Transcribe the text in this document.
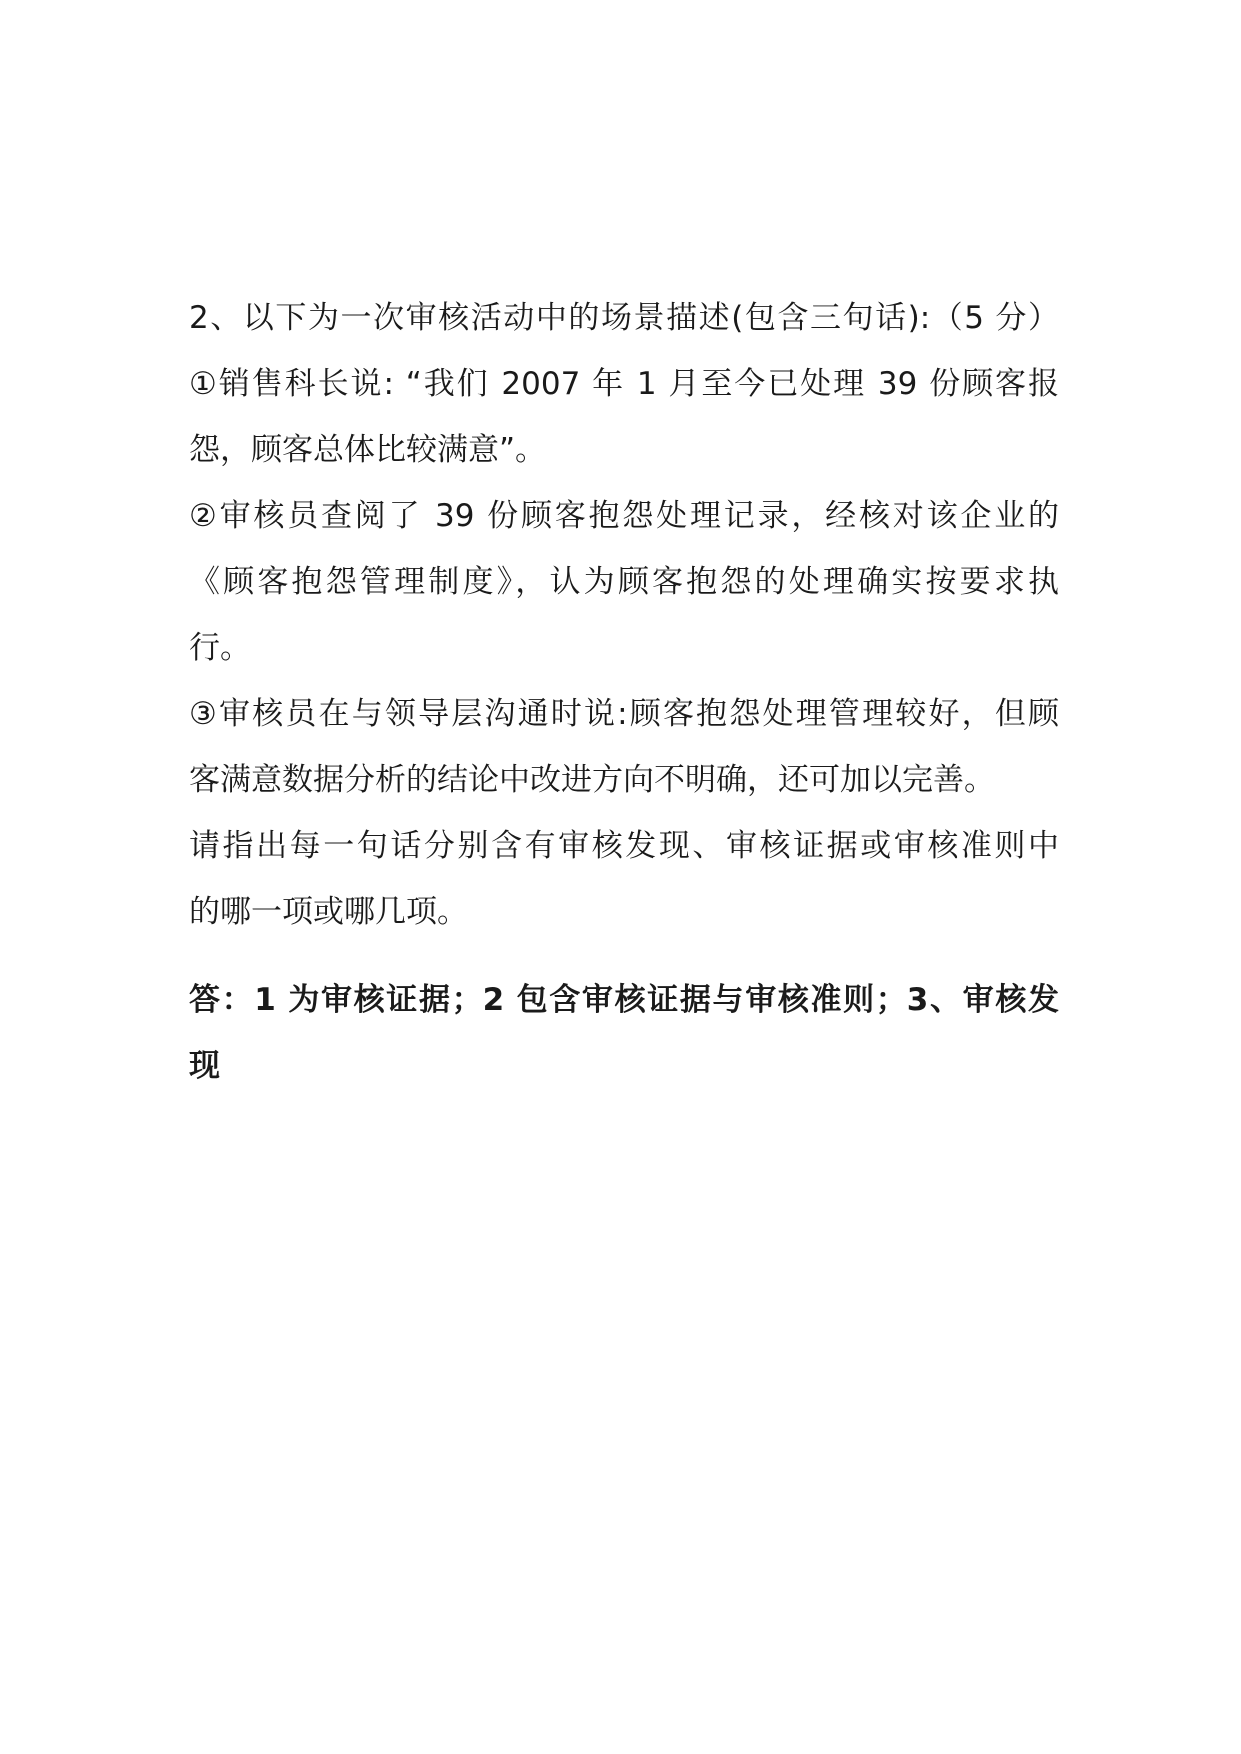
2、以下为一次审核活动中的场景描述(包含三句话):（5 分）
①销售科长说: “我们 2007 年 1 月至今已处理 39 份顾客报
怨，顾客总体比较满意”。
②审核员查阅了 39 份顾客抱怨处理记录，经核对该企业的
《顾客抱怨管理制度》，认为顾客抱怨的处理确实按要求执
行。
③审核员在与领导层沟通时说:顾客抱怨处理管理较好，但顾
客满意数据分析的结论中改进方向不明确，还可加以完善。
请指出每一句话分别含有审核发现、审核证据或审核准则中
的哪一项或哪几项。
答：1 为审核证据；2 包含审核证据与审核准则；3、审核发
现
